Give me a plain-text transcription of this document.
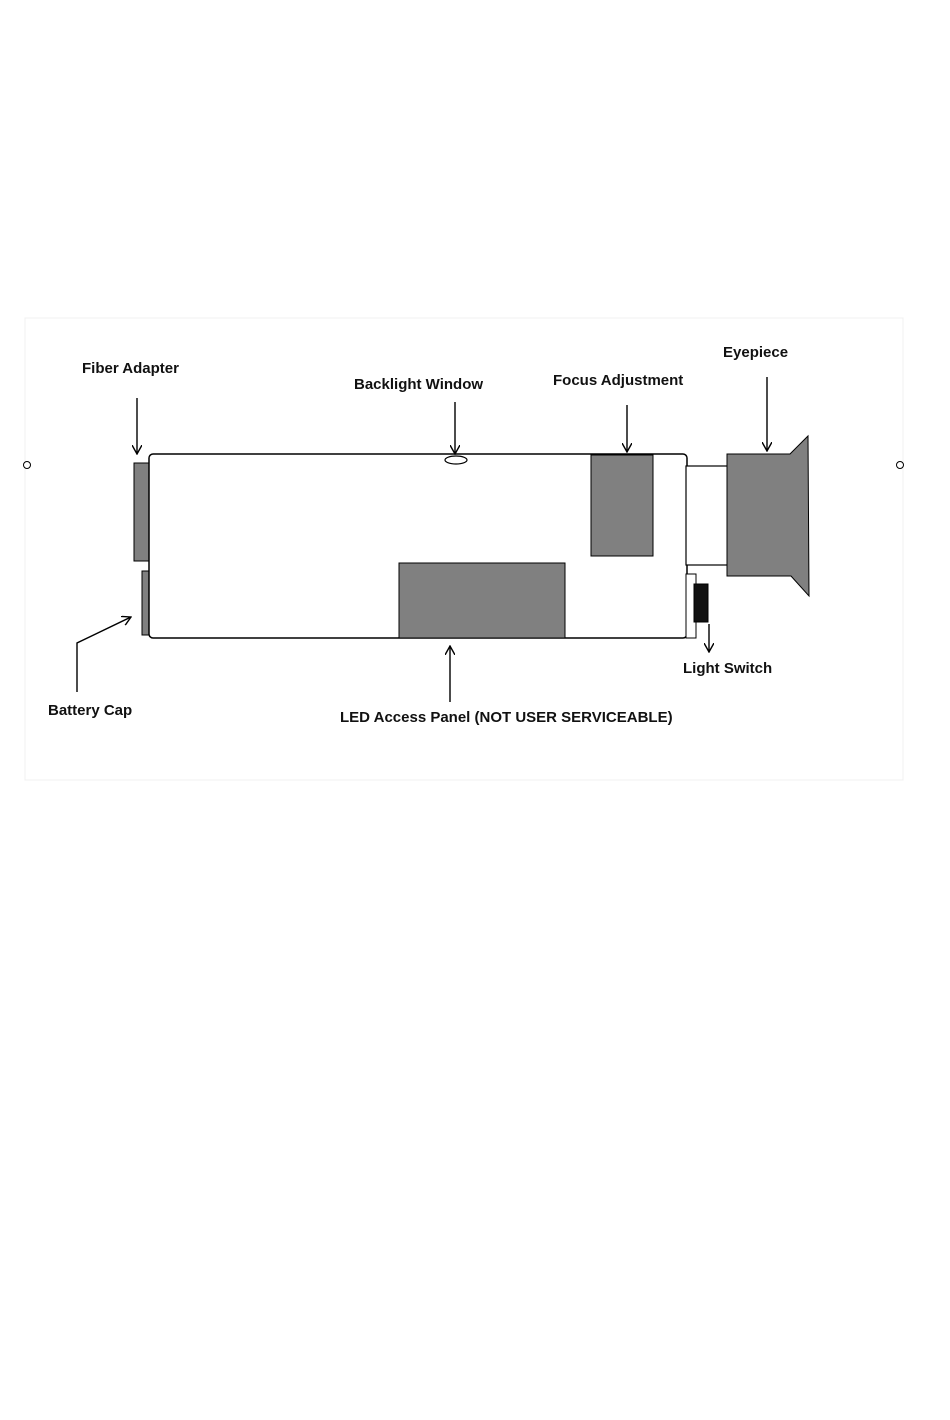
Fiber Adapter
Backlight Window	Focus Adjustment
Eyepiece
Battery Cap	LED Access Panel (NOT USER SERVICEABLE)
Light Switch
